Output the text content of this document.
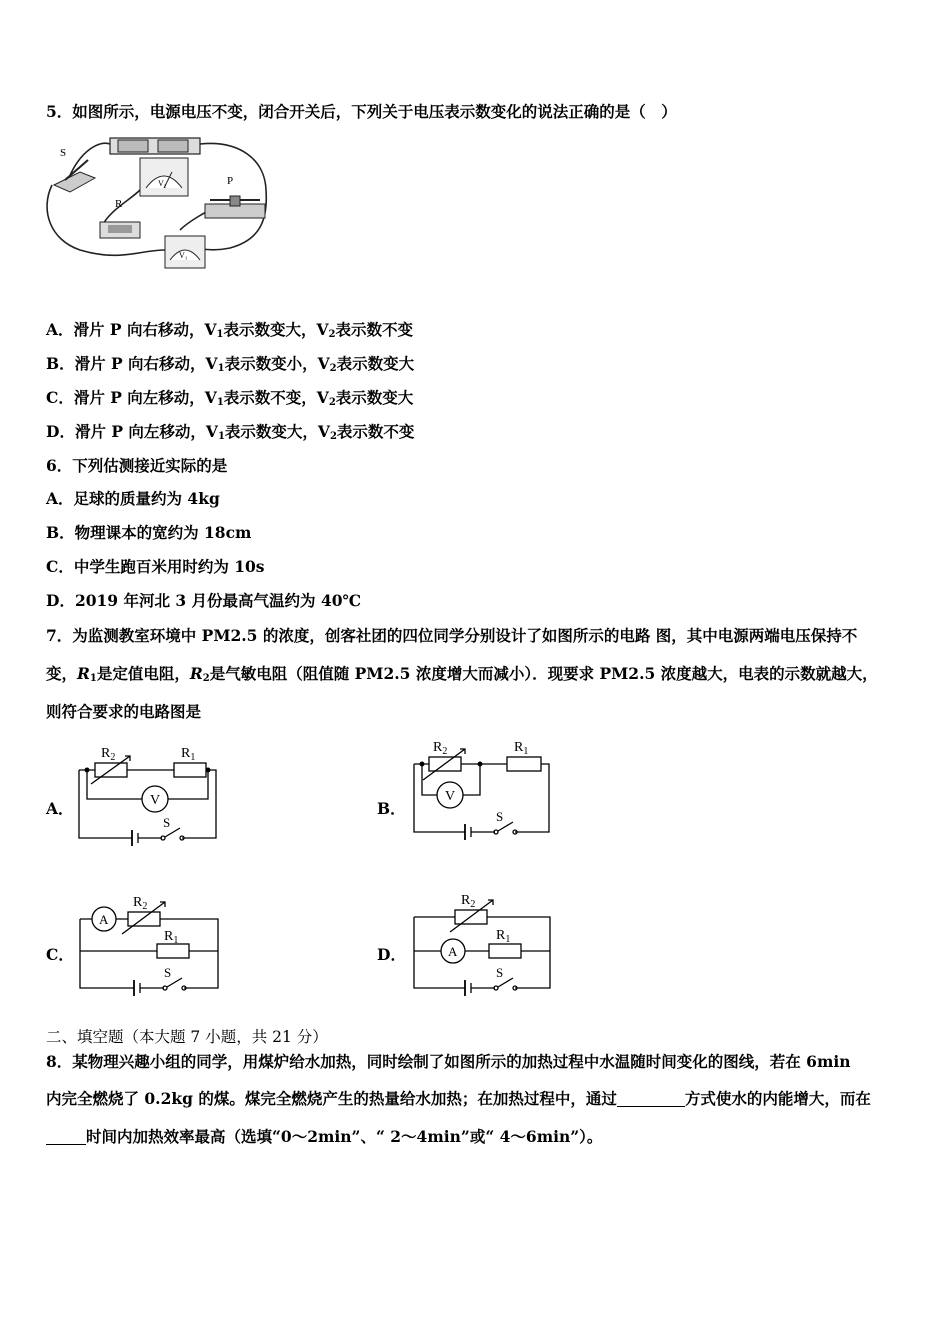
5．如图所示，电源电压不变，闭合开关后，下列关于电压表示数变化的说法正确的是（　）
S
V₂	P
R
V₁
A．滑片 P 向右移动，$V_1$表示数变大，$V_2$表示数不变
B．滑片 P 向右移动，$V_1$表示数变小，$V_2$表示数变大
C．滑片 P 向左移动，$V_1$表示数不变，$V_2$表示数变大
D．滑片 P 向左移动，$V_1$表示数变大，$V_2$表示数不变
6．下列估测接近实际的是
A．足球的质量约为 4kg
B．物理课本的宽约为 18cm
C．中学生跑百米用时约为 10s
D．2019 年河北 3 月份最高气温约为 40℃
7．为监测教室环境中 PM2.5 的浓度，创客社团的四位同学分别设计了如图所示的电路 图，其中电源两端电压保持不
变，$R_1$是定值电阻，$R_2$是气敏电阻（阻值随 PM2.5 浓度增大而减小）．现要求 PM2.5 浓度越大，电表的示数就越大，
则符合要求的电路图是
A．
$R_2$	$R_1$
V
S
B．
$R_2$	$R_1$
V
S
C．
$R_2$
$R_1$
A
S
D．
$R_2$
$R_1$
A
S
二、填空题（本大题 7 小题，共 21 分）
8．某物理兴趣小组的同学，用煤炉给水加热，同时绘制了如图所示的加热过程中水温随时间变化的图线，若在 6min
内完全燃烧了 0.2kg 的煤。煤完全燃烧产生的热量给水加热；在加热过程中，通过	方式使水的内能增大，而在
时间内加热效率最高（选填“0～2min”、“ 2～4min”或“ 4～6min”）。
